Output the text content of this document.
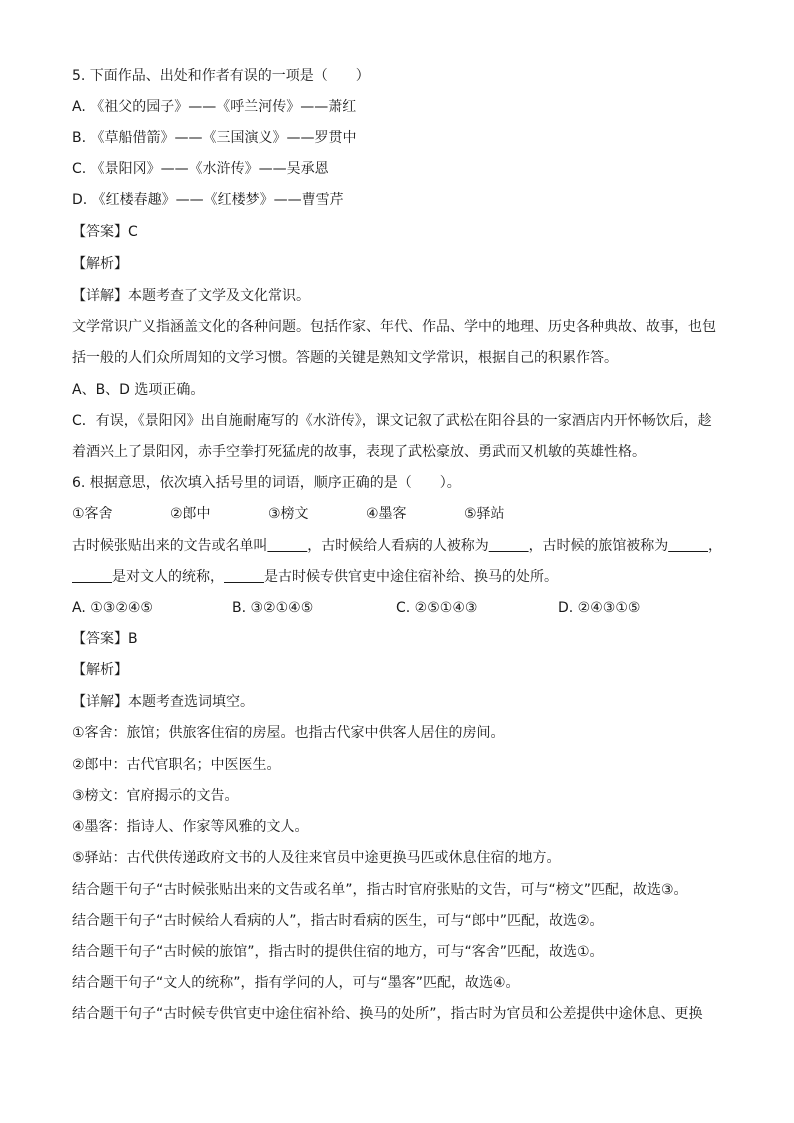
5. 下面作品、出处和作者有误的一项是（　　）
A. 《祖父的园子》——《呼兰河传》——萧红
B. 《草船借箭》——《三国演义》——罗贯中
C. 《景阳冈》——《水浒传》——吴承恩
D. 《红楼春趣》——《红楼梦》——曹雪芹
【答案】C
【解析】
【详解】本题考查了文学及文化常识。
文学常识广义指涵盖文化的各种问题。包括作家、年代、作品、学中的地理、历史各种典故、故事，也包
括一般的人们众所周知的文学习惯。答题的关键是熟知文学常识，根据自己的积累作答。
A、B、D 选项正确。
C．有误，《景阳冈》出自施耐庵写的《水浒传》，课文记叙了武松在阳谷县的一家酒店内开怀畅饮后，趁
着酒兴上了景阳冈，赤手空拳打死猛虎的故事，表现了武松豪放、勇武而又机敏的英雄性格。
6. 根据意思，依次填入括号里的词语，顺序正确的是（　　）。
①客舍	②郎中	③榜文	④墨客	⑤驿站
古时候张贴出来的文告或名单叫	，古时候给人看病的人被称为	，古时候的旅馆被称为	，
是对文人的统称，	是古时候专供官吏中途住宿补给、换马的处所。
A. ①③②④⑤	B. ③②①④⑤	C. ②⑤①④③	D. ②④③①⑤
【答案】B
【解析】
【详解】本题考查选词填空。
①客舍：旅馆；供旅客住宿的房屋。也指古代家中供客人居住的房间。
②郎中：古代官职名；中医医生。
③榜文：官府揭示的文告。
④墨客：指诗人、作家等风雅的文人。
⑤驿站：古代供传递政府文书的人及往来官员中途更换马匹或休息住宿的地方。
结合题干句子“古时候张贴出来的文告或名单”，指古时官府张贴的文告，可与“榜文”匹配，故选③。
结合题干句子“古时候给人看病的人”，指古时看病的医生，可与“郎中”匹配，故选②。
结合题干句子“古时候的旅馆”，指古时的提供住宿的地方，可与“客舍”匹配，故选①。
结合题干句子“文人的统称”，指有学问的人，可与“墨客”匹配，故选④。
结合题干句子“古时候专供官吏中途住宿补给、换马的处所”，指古时为官员和公差提供中途休息、更换
